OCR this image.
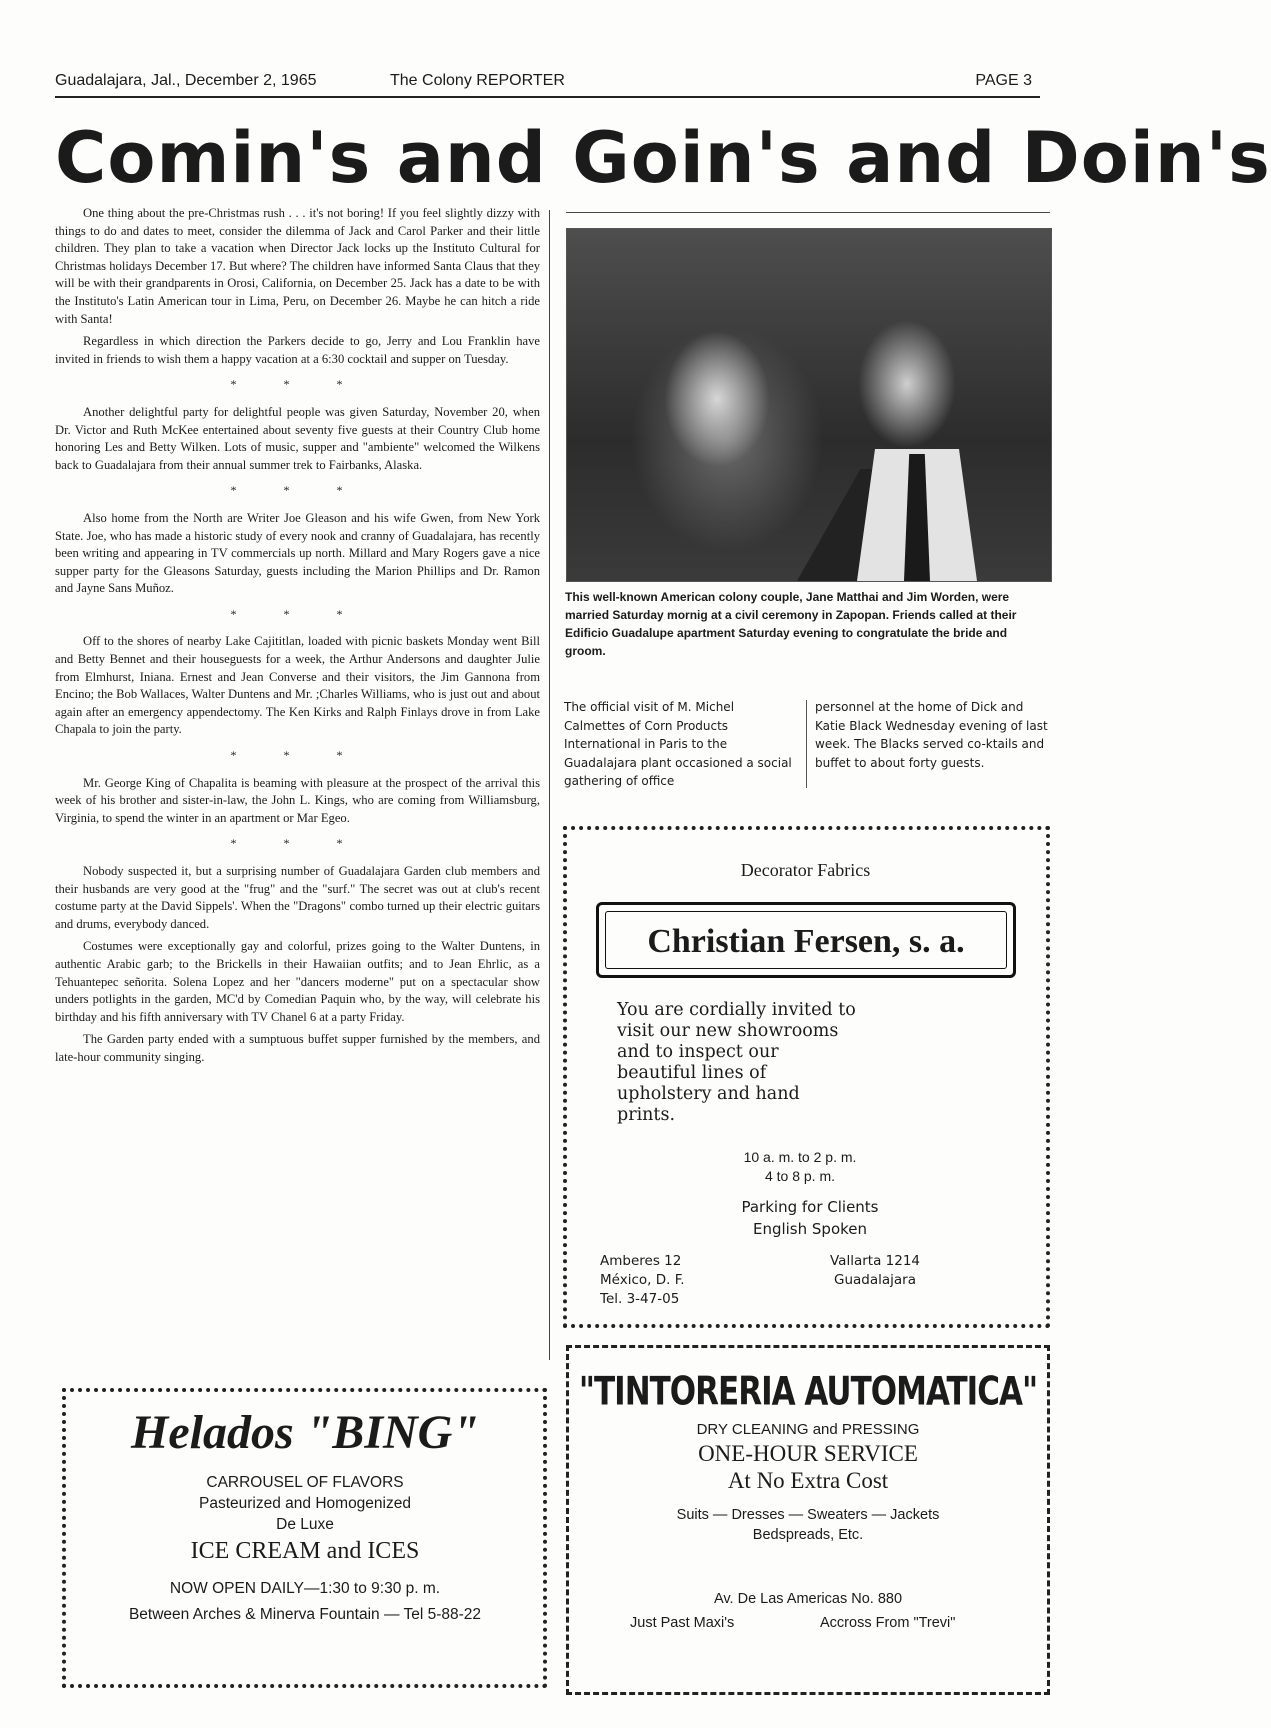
Guadalajara, Jal., December 2, 1965	The Colony REPORTER	PAGE 3
Comin's and Goin's and Doin's

One thing about the pre-Christmas rush . . . it's not boring! If you feel slightly dizzy with things to do and dates to meet, consider the dilemma of Jack and Carol Parker and their little children. They plan to take a vacation when Director Jack locks up the Instituto Cultural for Christmas holidays December 17. But where? The children have informed Santa Claus that they will be with their grandparents in Orosi, California, on December 25. Jack has a date to be with the Instituto's Latin American tour in Lima, Peru, on December 26. Maybe he can hitch a ride with Santa!

Regardless in which direction the Parkers decide to go, Jerry and Lou Franklin have invited in friends to wish them a happy vacation at a 6:30 cocktail and supper on Tuesday.

* * *

Another delightful party for delightful people was given Saturday, November 20, when Dr. Victor and Ruth McKee entertained about seventy five guests at their Country Club home honoring Les and Betty Wilken. Lots of music, supper and "ambiente" welcomed the Wilkens back to Guadalajara from their annual summer trek to Fairbanks, Alaska.

* * *

Also home from the North are Writer Joe Gleason and his wife Gwen, from New York State. Joe, who has made a historic study of every nook and cranny of Guadalajara, has recently been writing and appearing in TV commercials up north. Millard and Mary Rogers gave a nice supper party for the Gleasons Saturday, guests including the Marion Phillips and Dr. Ramon and Jayne Sans Muñoz.

* * *

Off to the shores of nearby Lake Cajititlan, loaded with picnic baskets Monday went Bill and Betty Bennet and their houseguests for a week, the Arthur Andersons and daughter Julie from Elmhurst, Iniana. Ernest and Jean Converse and their visitors, the Jim Gannona from Encino; the Bob Wallaces, Walter Duntens and Mr. ;Charles Williams, who is just out and about again after an emergency appendectomy. The Ken Kirks and Ralph Finlays drove in from Lake Chapala to join the party.

* * *

Mr. George King of Chapalita is beaming with pleasure at the prospect of the arrival this week of his brother and sister-in-law, the John L. Kings, who are coming from Williamsburg, Virginia, to spend the winter in an apartment or Mar Egeo.

* * *

Nobody suspected it, but a surprising number of Guadalajara Garden club members and their husbands are very good at the "frug" and the "surf." The secret was out at club's recent costume party at the David Sippels'. When the "Dragons" combo turned up their electric guitars and drums, everybody danced.

Costumes were exceptionally gay and colorful, prizes going to the Walter Duntens, in authentic Arabic garb; to the Brickells in their Hawaiian outfits; and to Jean Ehrlic, as a Tehuantepec señorita. Solena Lopez and her "dancers moderne" put on a spectacular show unders potlights in the garden, MC'd by Comedian Paquin who, by the way, will celebrate his birthday and his fifth anniversary with TV Chanel 6 at a party Friday.

The Garden party ended with a sumptuous buffet supper furnished by the members, and late-hour community singing.

This well-known American colony couple, Jane Matthai and Jim Worden, were married Saturday mornig at a civil ceremony in Zapopan. Friends called at their Edificio Guadalupe apartment Saturday evening to congratulate the bride and groom.
The official visit of M. Michel Calmettes of Corn Products International in Paris to the Guadalajara plant occasioned a social gathering of office
personnel at the home of Dick and Katie Black Wednesday evening of last week. The Blacks served co-ktails and buffet to about forty guests.
Decorator Fabrics
Christian Fersen, s. a.
You are cordially invited to visit our new showrooms and to inspect our beautiful lines of upholstery and hand prints.
10 a. m. to 2 p. m.
4 to 8 p. m.
Parking for Clients
English Spoken
Amberes 12
México, D. F.
Tel. 3-47-05
Vallarta 1214
Guadalajara
Helados "BING"
CARROUSEL OF FLAVORS
Pasteurized and Homogenized
De Luxe
ICE CREAM and ICES
NOW OPEN DAILY—1:30 to 9:30 p. m.
Between Arches & Minerva Fountain — Tel 5-88-22
"TINTORERIA AUTOMATICA"
DRY CLEANING and PRESSING
ONE-HOUR SERVICE
At No Extra Cost
Suits — Dresses — Sweaters — Jackets
Bedspreads, Etc.
Av. De Las Americas No. 880
Just Past Maxi's	Accross From "Trevi"
